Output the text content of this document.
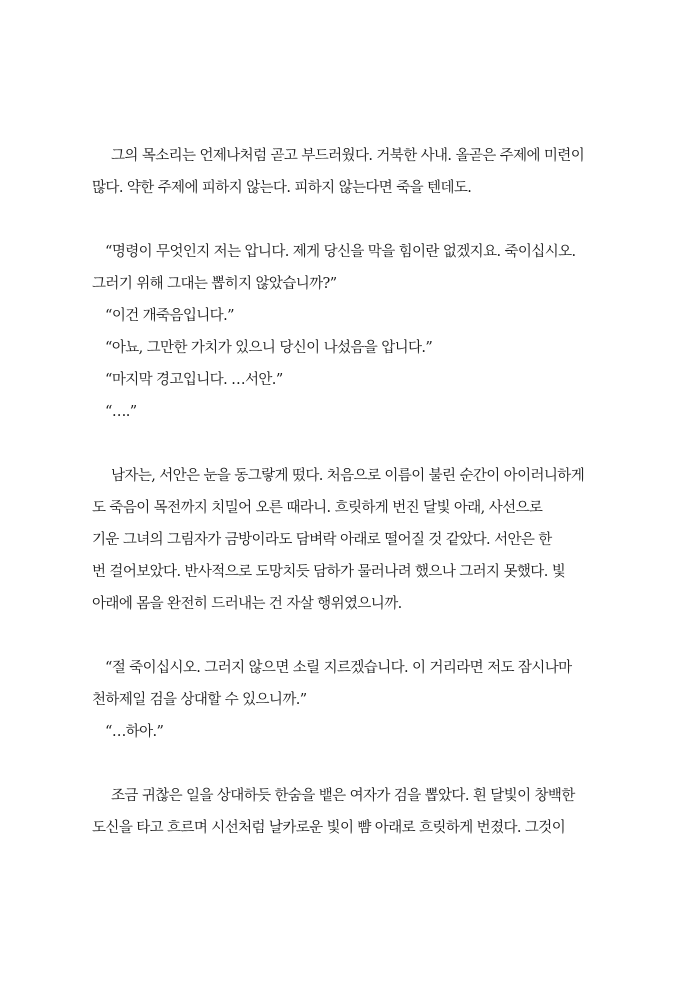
그의 목소리는 언제나처럼 곧고 부드러웠다. 거북한 사내. 올곧은 주제에 미련이
많다. 약한 주제에 피하지 않는다. 피하지 않는다면 죽을 텐데도.
“명령이 무엇인지 저는 압니다. 제게 당신을 막을 힘이란 없겠지요. 죽이십시오.
그러기 위해 그대는 뽑히지 않았습니까?”
“이건 개죽음입니다.”
“아뇨, 그만한 가치가 있으니 당신이 나섰음을 압니다.”
“마지막 경고입니다. …서안.”
“….”
남자는, 서안은 눈을 동그랗게 떴다. 처음으로 이름이 불린 순간이 아이러니하게
도 죽음이 목전까지 치밀어 오른 때라니. 흐릿하게 번진 달빛 아래, 사선으로
기운 그녀의 그림자가 금방이라도 담벼락 아래로 떨어질 것 같았다. 서안은 한
번 걸어보았다. 반사적으로 도망치듯 담하가 물러나려 했으나 그러지 못했다. 빛
아래에 몸을 완전히 드러내는 건 자살 행위였으니까.
“절 죽이십시오. 그러지 않으면 소릴 지르겠습니다. 이 거리라면 저도 잠시나마
천하제일 검을 상대할 수 있으니까.”
“…하아.”
조금 귀찮은 일을 상대하듯 한숨을 뱉은 여자가 검을 뽑았다. 흰 달빛이 창백한
도신을 타고 흐르며 시선처럼 날카로운 빛이 뺨 아래로 흐릿하게 번졌다. 그것이
